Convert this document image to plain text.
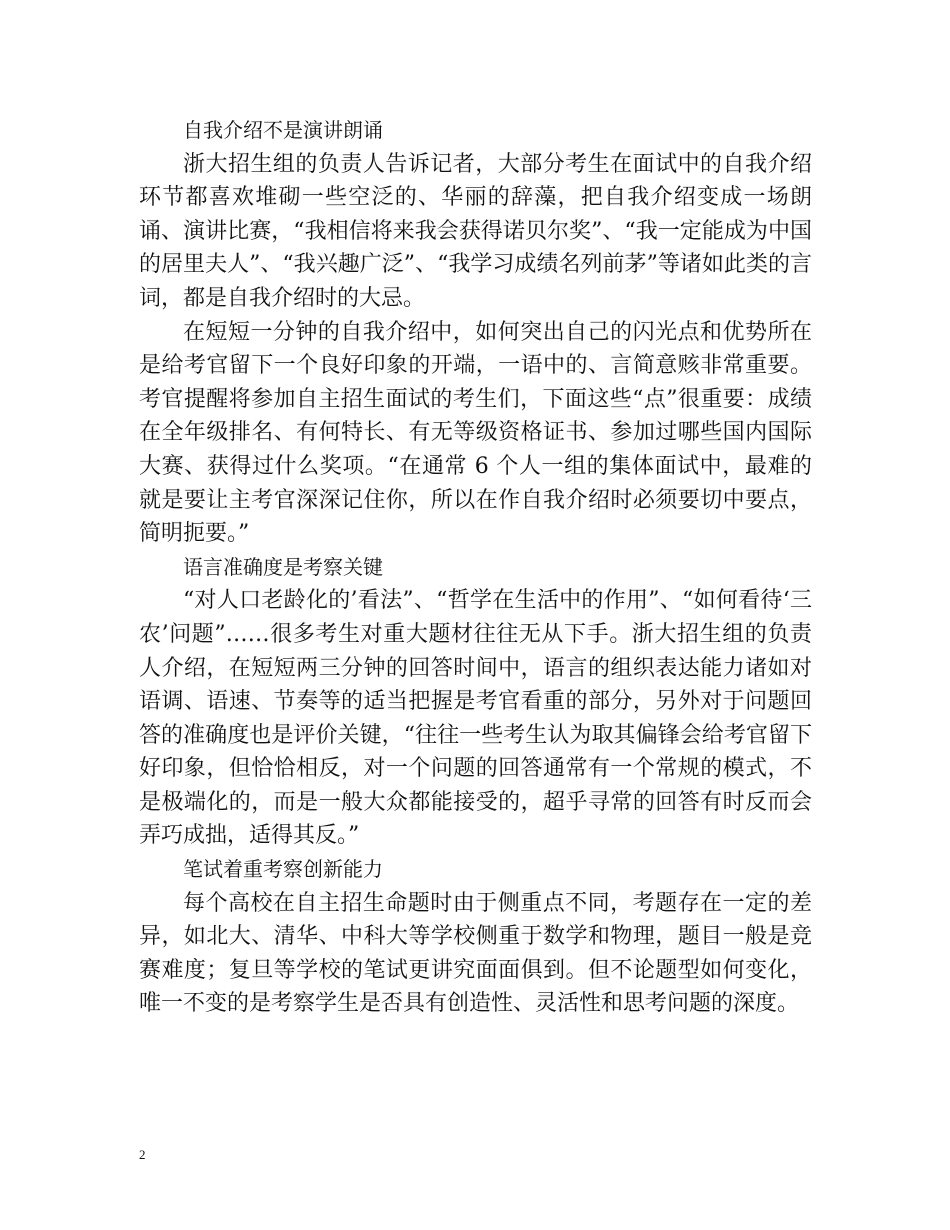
自我介绍不是演讲朗诵

浙大招生组的负责人告诉记者，大部分考生在面试中的自我介绍环节都喜欢堆砌一些空泛的、华丽的辞藻，把自我介绍变成一场朗诵、演讲比赛，“我相信将来我会获得诺贝尔奖”、“我一定能成为中国的居里夫人”、“我兴趣广泛”、“我学习成绩名列前茅”等诸如此类的言词，都是自我介绍时的大忌。

在短短一分钟的自我介绍中，如何突出自己的闪光点和优势所在是给考官留下一个良好印象的开端，一语中的、言简意赅非常重要。考官提醒将参加自主招生面试的考生们，下面这些“点”很重要：成绩在全年级排名、有何特长、有无等级资格证书、参加过哪些国内国际大赛、获得过什么奖项。“在通常 6 个人一组的集体面试中，最难的就是要让主考官深深记住你，所以在作自我介绍时必须要切中要点，简明扼要。”

语言准确度是考察关键

“对人口老龄化的’看法”、“哲学在生活中的作用”、“如何看待‘三农’问题”……很多考生对重大题材往往无从下手。浙大招生组的负责人介绍，在短短两三分钟的回答时间中，语言的组织表达能力诸如对语调、语速、节奏等的适当把握是考官看重的部分，另外对于问题回答的准确度也是评价关键，“往往一些考生认为取其偏锋会给考官留下好印象，但恰恰相反，对一个问题的回答通常有一个常规的模式，不是极端化的，而是一般大众都能接受的，超乎寻常的回答有时反而会弄巧成拙，适得其反。”

笔试着重考察创新能力

每个高校在自主招生命题时由于侧重点不同，考题存在一定的差异，如北大、清华、中科大等学校侧重于数学和物理，题目一般是竞赛难度；复旦等学校的笔试更讲究面面俱到。但不论题型如何变化，唯一不变的是考察学生是否具有创造性、灵活性和思考问题的深度。

2
